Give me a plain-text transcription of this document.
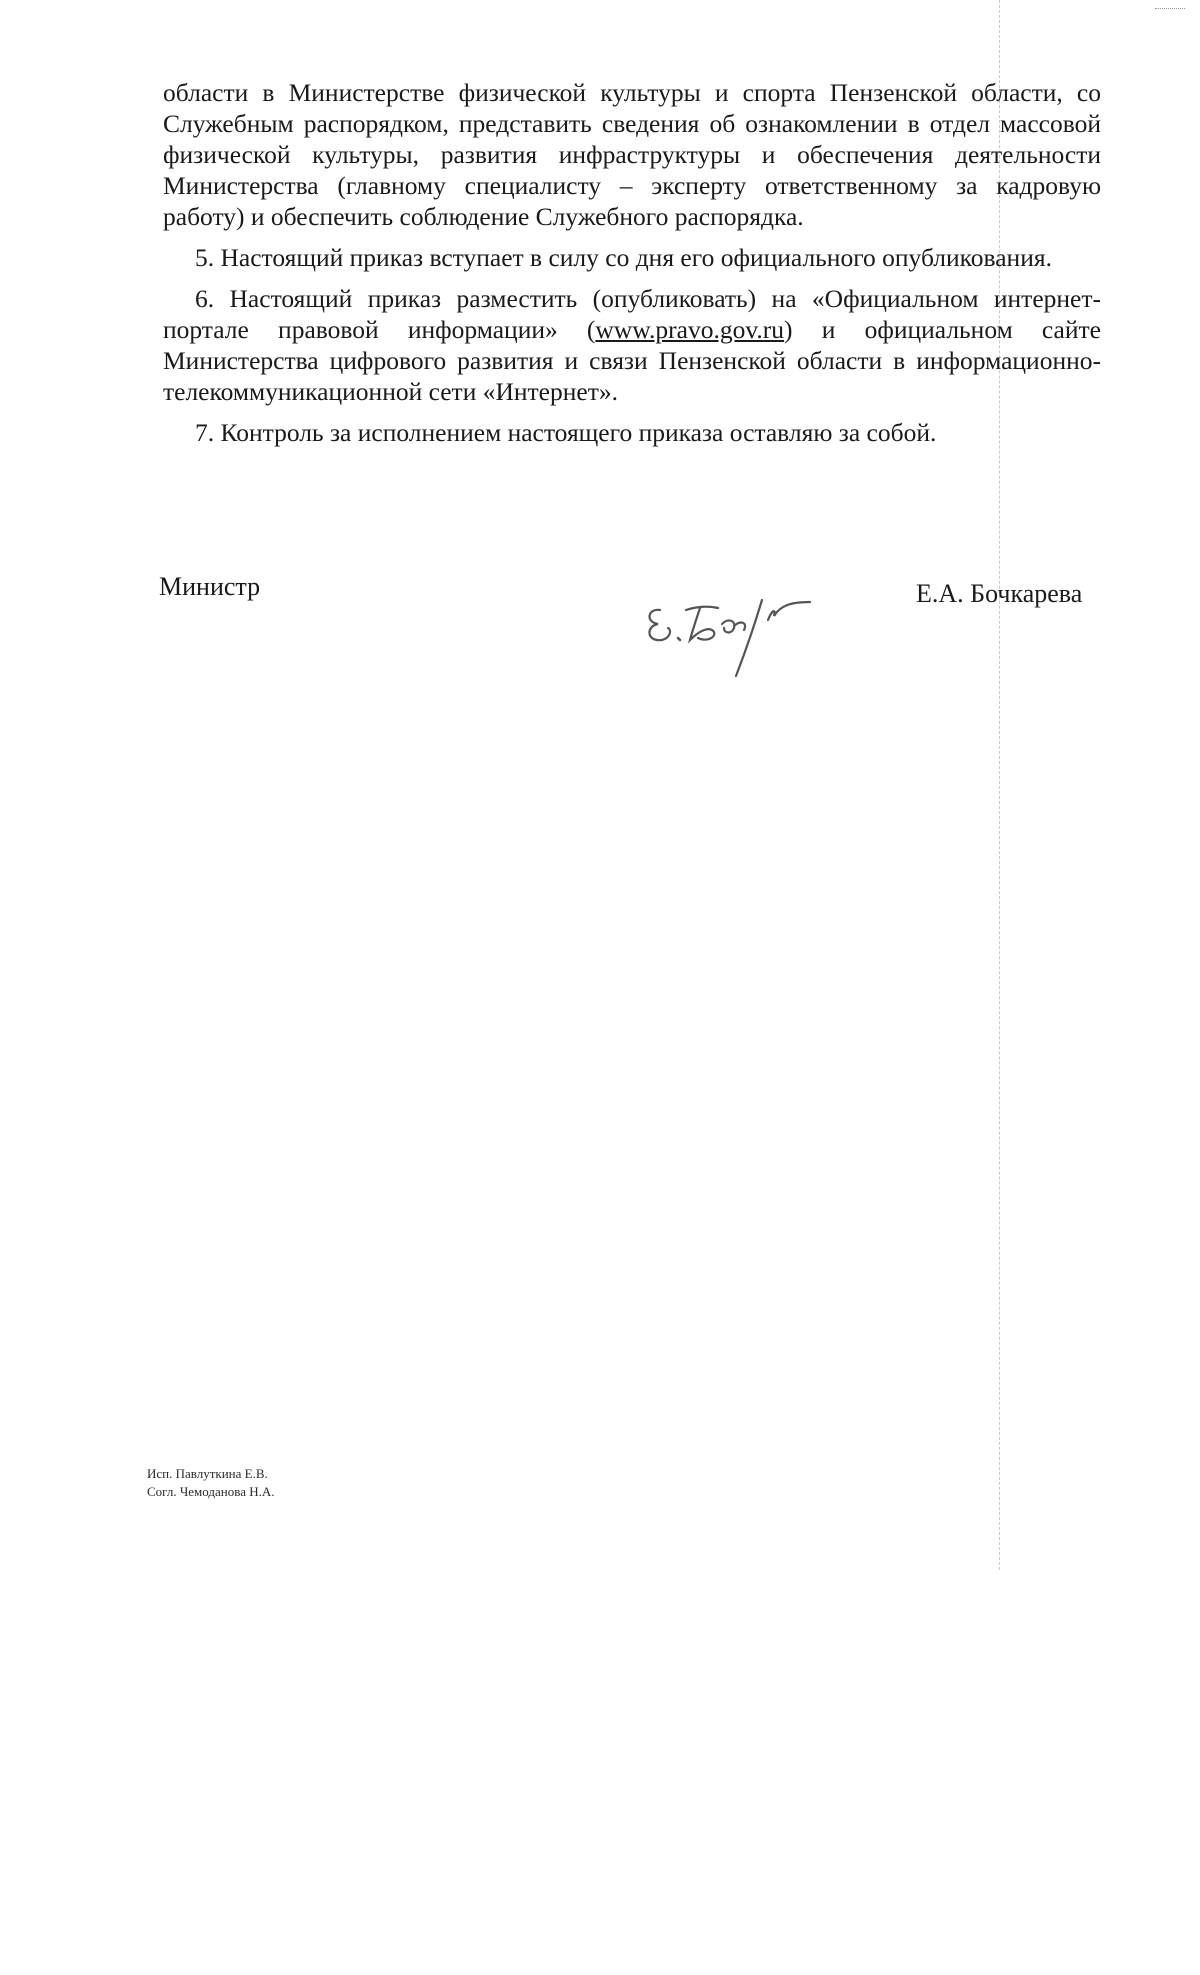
области в Министерстве физической культуры и спорта Пензенской области, со Служебным распорядком, представить сведения об ознакомлении в отдел массовой физической культуры, развития инфраструктуры и обеспечения деятельности Министерства (главному специалисту – эксперту ответственному за кадровую работу) и обеспечить соблюдение Служебного распорядка.

5. Настоящий приказ вступает в силу со дня его официального опубликования.

6. Настоящий приказ разместить (опубликовать) на «Официальном интернет-портале правовой информации» (www.pravo.gov.ru) и официальном сайте Министерства цифрового развития и связи Пензенской области в информационно-телекоммуникационной сети «Интернет».

7. Контроль за исполнением настоящего приказа оставляю за собой.

Министр	Е.А. Бочкарева
Исп. Павлуткина Е.В.
Согл. Чемоданова Н.А.
